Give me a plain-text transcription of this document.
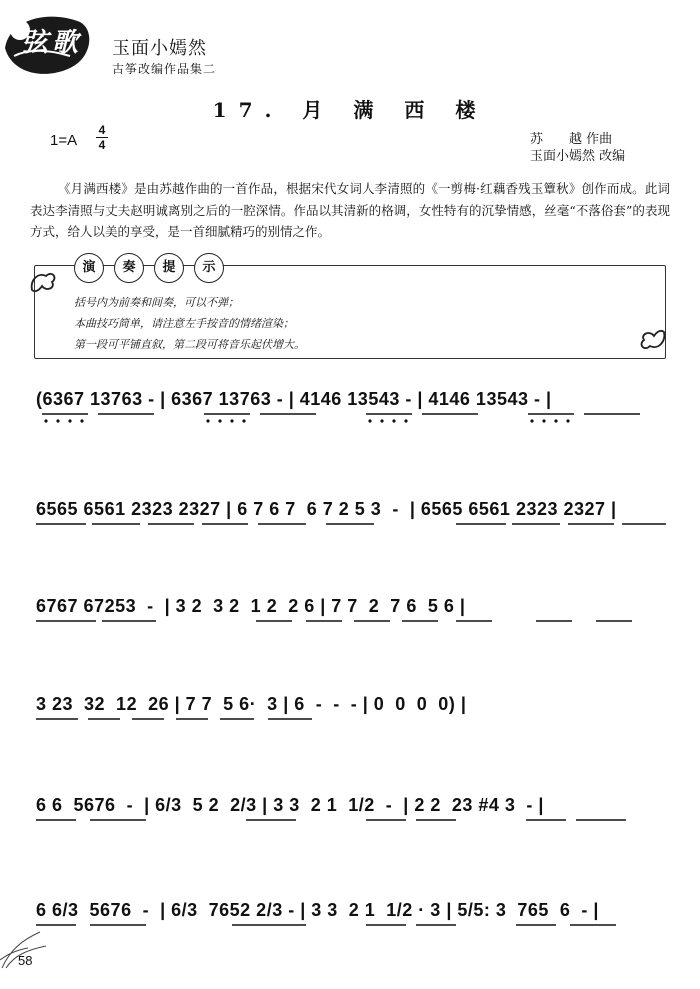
弦歌 玉面小嫣然
古筝改编作品集二
17. 月 满 西 楼
1=A
4
4	苏　　越 作曲
玉面小嫣然 改编
《月满西楼》是由苏越作曲的一首作品，根据宋代女词人李清照的《一剪梅·红藕香残玉簟秋》创作而成。此词表达李清照与丈夫赵明诚离别之后的一腔深情。作品以其清新的格调，女性特有的沉挚情感，丝毫“不落俗套”的表现方式，给人以美的享受，是一首细腻精巧的别情之作。
演	奏	提	示
括号内为前奏和间奏，可以不弹；
本曲技巧简单，请注意左手按音的情绪渲染；
第一段可平铺直叙，第二段可将音乐起伏增大。
(6367 13763 - | 6367 13763 - | 4146 13543 - | 4146 13543 - |
6565 6561 2323 2327 | 6 7 6 7  6 7 2 5 3  -  | 6565 6561 2323 2327 |
6767 67253  -  | 3 2  3 2  1 2  2 6 | 7 7  2  7 6  5 6 |
3 23  32  12  26 | 7 7  5 6·  3 | 6  -  -  - | 0  0  0  0) |
6 6  5676  -  | 6/3  5 2  2/3 | 3 3  2 1  1/2  -  | 2 2  23 #4 3  - |
6 6/3  5676  -  | 6/3  7652 2/3 - | 3 3  2 1  1/2 · 3 | 5/5: 3  765  6  - |
58
